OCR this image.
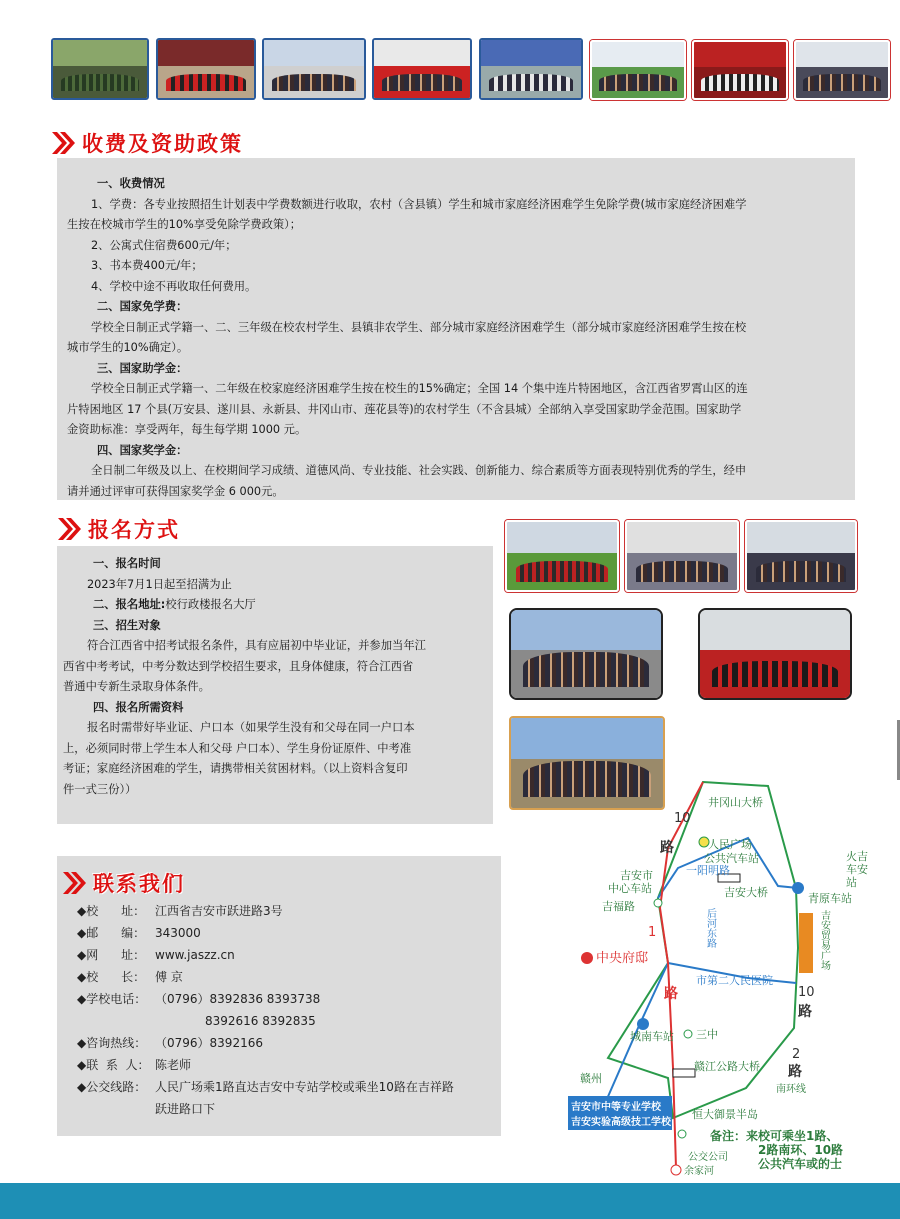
收费及资助政策

一、收费情况

1、学费：各专业按照招生计划表中学费数额进行收取，农村（含县镇）学生和城市家庭经济困难学生免除学费(城市家庭经济困难学

生按在校城市学生的10%享受免除学费政策）；

2、公寓式住宿费600元/年；

3、书本费400元/年；

4、学校中途不再收取任何费用。

二、国家免学费：

学校全日制正式学籍一、二、三年级在校农村学生、县镇非农学生、部分城市家庭经济困难学生（部分城市家庭经济困难学生按在校

城市学生的10%确定）。

三、国家助学金：

学校全日制正式学籍一、二年级在校家庭经济困难学生按在校生的15%确定；全国 14 个集中连片特困地区，含江西省罗霄山区的连

片特困地区 17 个县(万安县、遂川县、永新县、井冈山市、莲花县等)的农村学生（不含县城）全部纳入享受国家助学金范围。国家助学

金资助标准：享受两年，每生每学期 1000 元。

四、国家奖学金：

全日制二年级及以上、在校期间学习成绩、道德风尚、专业技能、社会实践、创新能力、综合素质等方面表现特别优秀的学生，经申

请并通过评审可获得国家奖学金 6 000元。

报名方式

一、报名时间

2023年7月1日起至招满为止

二、报名地址:校行政楼报名大厅

三、招生对象

符合江西省中招考试报名条件，具有应届初中毕业证，并参加当年江

西省中考考试，中考分数达到学校招生要求，且身体健康，符合江西省

普通中专新生录取身体条件。

四、报名所需资料

报名时需带好毕业证、户口本（如果学生没有和父母在同一户口本

上，必须同时带上学生本人和父母 户口本）、学生身份证原件、中考准

考证；家庭经济困难的学生，请携带相关贫困材料。（以上资料含复印

件一式三份））

联系我们
◆校      址： 江西省吉安市跃进路3号
◆邮      编： 343000
◆网      址： www.jaszz.cn
◆校      长： 傅 京
◆学校电话： （0796）8392836 8393738
8392616 8392835
◆咨询热线： （0796）8392166
◆联  系  人： 陈老师
◆公交线路： 人民广场乘1路直达吉安中专站学校或乘坐10路在吉祥路
跃进路口下
井冈山大桥
10
路	人民广场
公共汽车站
吉安市
中心车站
一阳明路
吉安大桥
火吉
车安
站
青原车站
吉福路
1	后河东路	吉安贸易广场
中央府邸
市第二人民医院
路	10
路
三中
城南车站
2
路
南环线
赣江公路大桥
赣州
吉安市中等专业学校
吉安实验高级技工学校
恒大御景半岛
公交公司
余家河
备注：来校可乘坐1路、
2路南环、10路
公共汽车或的士
